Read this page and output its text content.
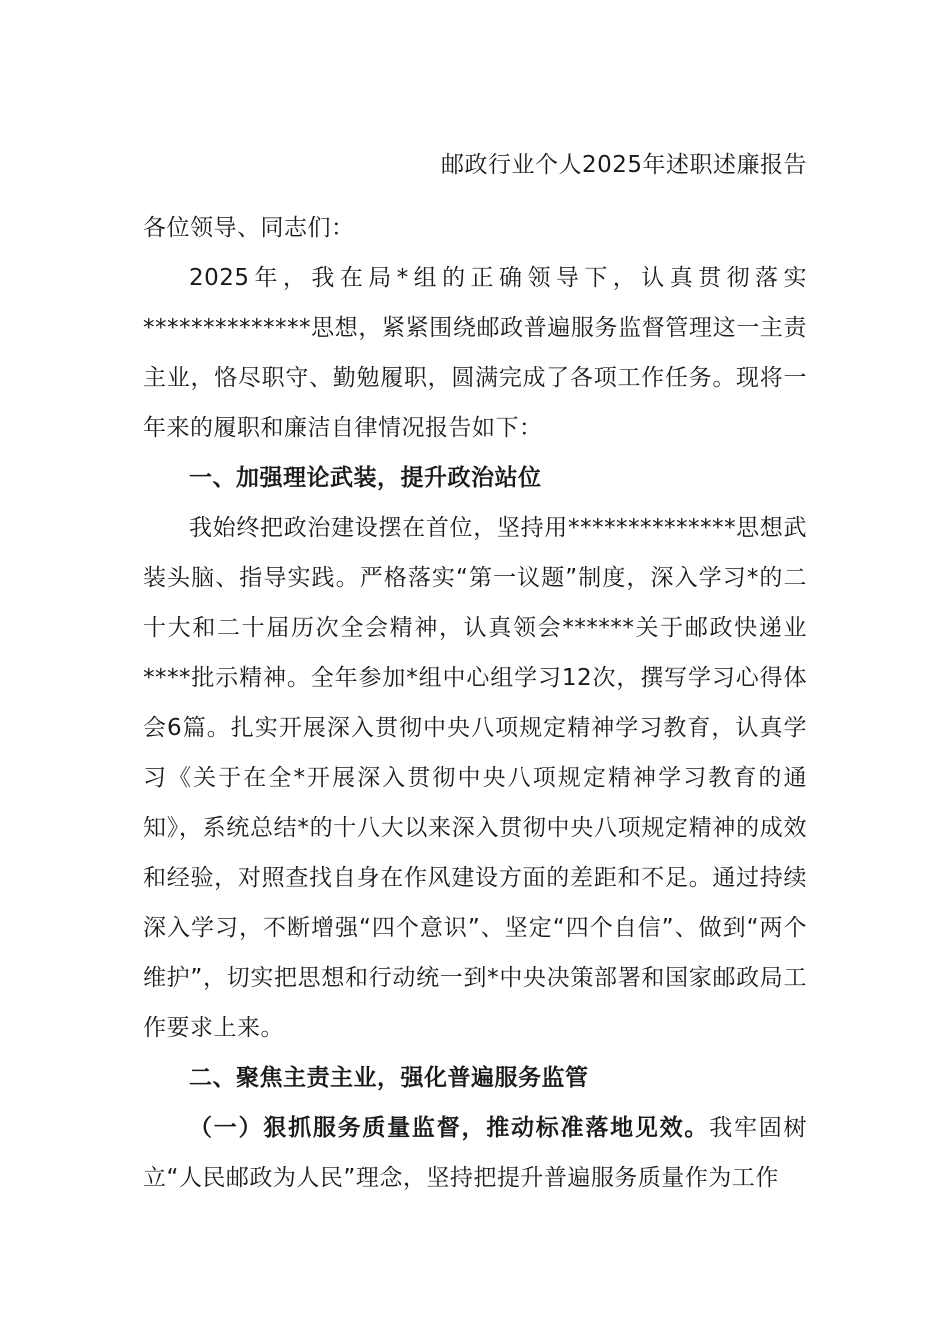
邮政行业个人2025年述职述廉报告

各位领导、同志们：

2025年，我在局*组的正确领导下，认真贯彻落实**************思想，紧紧围绕邮政普遍服务监督管理这一主责主业，恪尽职守、勤勉履职，圆满完成了各项工作任务。现将一年来的履职和廉洁自律情况报告如下：

一、加强理论武装，提升政治站位

我始终把政治建设摆在首位，坚持用**************思想武装头脑、指导实践。严格落实“第一议题”制度，深入学习*的二十大和二十届历次全会精神，认真领会******关于邮政快递业****批示精神。全年参加*组中心组学习12次，撰写学习心得体会6篇。扎实开展深入贯彻中央八项规定精神学习教育，认真学习《关于在全*开展深入贯彻中央八项规定精神学习教育的通知》，系统总结*的十八大以来深入贯彻中央八项规定精神的成效和经验，对照查找自身在作风建设方面的差距和不足。通过持续深入学习，不断增强“四个意识”、坚定“四个自信”、做到“两个维护”，切实把思想和行动统一到*中央决策部署和国家邮政局工作要求上来。

二、聚焦主责主业，强化普遍服务监管

（一）狠抓服务质量监督，推动标准落地见效。我牢固树立“人民邮政为人民”理念，坚持把提升普遍服务质量作为工作
